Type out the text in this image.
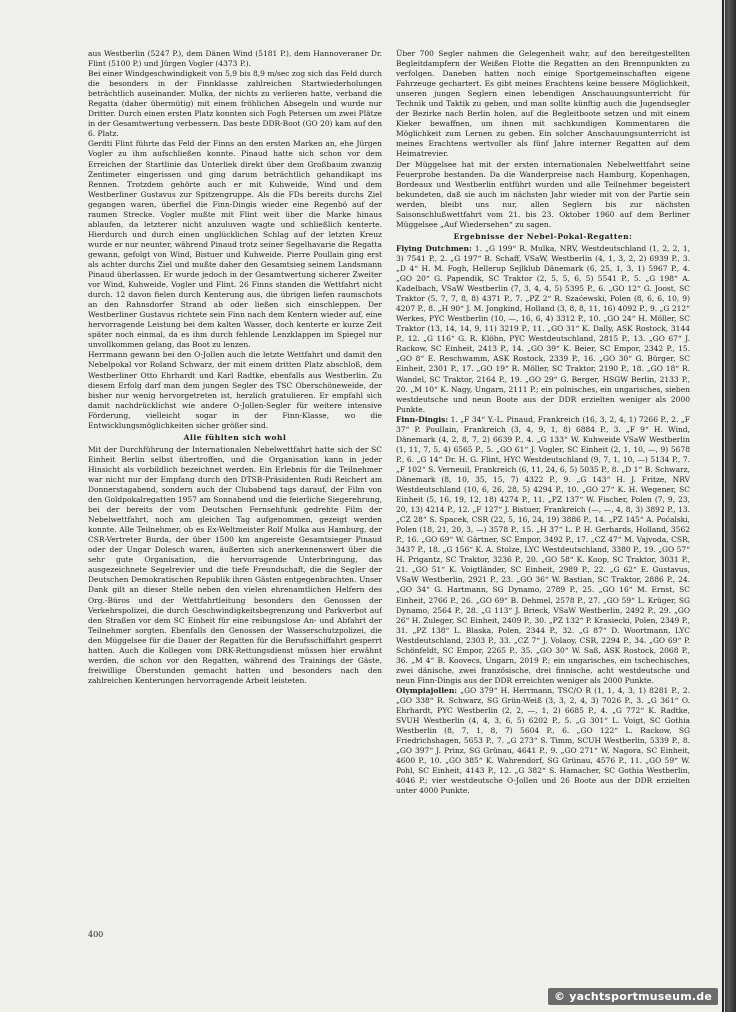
aus Westberlin (5247 P.), dem Dänen Wind (5181 P.), dem Hannoveraner Dr. Flint (5100 P.) und Jürgen Vogler (4373 P.).

Bei einer Windgeschwindigkeit von 5,9 bis 8,9 m/sec zog sich das Feld durch die besonders in der Finnklasse zahlreichen Startwiederholungen beträchtlich auseinander. Mulka, der nichts zu verlieren hatte, verband die Regatta (daher übermütig) mit einem fröhlichen Absegeln und wurde nur Dritter. Durch einen ersten Platz konnten sich Fogh Petersen um zwei Plätze in der Gesamtwertung verbessern. Das beste DDR-Boot (GO 20) kam auf den 6. Platz.

Gerdti Flint führte das Feld der Finns an den ersten Marken an, ehe Jürgen Vogler zu ihm aufschließen konnte. Pinaud hatte sich schon vor dem Erreichen der Startlinie das Unterliek direkt über dem Großbaum zwanzig Zentimeter eingerissen und ging darum beträchtlich gehandikapt ins Rennen. Trotzdem gehörte auch er mit Kuhweide, Wind und dem Westberliner Gustavus zur Spitzengruppe. Als die FDs bereits durchs Ziel gegangen waren, überfiel die Finn-Dingis wieder eine Regenbö auf der raumen Strecke. Vogler mußte mit Flint weit über die Marke hinaus ablaufen, da letzterer nicht anzuluven wagte und schließlich kenterte. Hierdurch und durch einen unglücklichen Schlag auf der letzten Kreuz wurde er nur neunter, während Pinaud trotz seiner Segelhavarie die Regatta gewann, gefolgt von Wind, Bistuer und Kuhweide. Pierre Poullain ging erst als achter durchs Ziel und mußte daher den Gesamtsieg seinem Landsmann Pinaud überlassen. Er wurde jedoch in der Gesamtwertung sicherer Zweiter vor Wind, Kuhweide, Vogler und Flint. 26 Finns standen die Wettfahrt nicht durch. 12 davon fielen durch Kenterung aus, die übrigen liefen raumschots an den Rahnsdorfer Strand ab oder ließen sich einschleppen. Der Westberliner Gustavus richtete sein Finn nach dem Kentern wieder auf, eine hervorragende Leistung bei dem kalten Wasser, doch kenterte er kurze Zeit später noch einmal, da es ihm durch fehlende Lenzklappen im Spiegel nur unvollkommen gelang, das Boot zu lenzen.

Herrmann gewann bei den O-Jollen auch die letzte Wettfahrt und damit den Nebelpokal vor Roland Schwarz, der mit einem dritten Platz abschloß, dem Westberliner Otto Ehrhardt und Karl Radtke, ebenfalls aus Westberlin. Zu diesem Erfolg darf man dem jungen Segler des TSC Oberschöneweide, der bisher nur wenig hervorgetreten ist, herzlich gratulieren. Er empfahl sich damit nachdrücklichst wie andere O-Jollen-Segler für weitere intensive Förderung, vielleicht sogar in der Finn-Klasse, wo die Entwicklungsmöglichkeiten sicher größer sind.

Alle fühlten sich wohl

Mit der Durchführung der Internationalen Nebelwettfahrt hatte sich der SC Einheit Berlin selbst übertroffen, und die Organisation kann in jeder Hinsicht als vorbildlich bezeichnet werden. Ein Erlebnis für die Teilnehmer war nicht nur der Empfang durch den DTSB-Präsidenten Rudi Reichert am Donnerstagabend, sondern auch der Clubabend tags darauf, der Film von den Goldpokalregatten 1957 am Sonnabend und die feierliche Siegerehrung, bei der bereits der vom Deutschen Fernsehfunk gedrehte Film der Nebelwettfahrt, noch am gleichen Tag aufgenommen, gezeigt werden konnte. Alle Teilnehmer, ob es Ex-Weltmeister Rolf Mulka aus Hamburg, der CSR-Vertreter Burda, der über 1500 km angereiste Gesamtsieger Pinaud oder der Ungar Dolesch waren, äußerten sich anerkennenswert über die sehr gute Organisation, die hervorragende Unterbringung, das ausgezeichnete Segelrevier und die tiefe Freundschaft, die die Segler der Deutschen Demokratischen Republik ihren Gästen entgegenbrachten. Unser Dank gilt an dieser Stelle neben den vielen ehrenamtlichen Helfern des Org.-Büros und der Wettfahrtleitung besonders den Genossen der Verkehrspolizei, die durch Geschwindigkeitsbegrenzung und Parkverbot auf den Straßen vor dem SC Einheit für eine reibungslose An- und Abfahrt der Teilnehmer sorgten. Ebenfalls den Genossen der Wasserschutzpolizei, die den Müggelsee für die Dauer der Regatten für die Berufsschiffahrt gesperrt hatten. Auch die Kollegen vom DRK-Rettungsdienst müssen hier erwähnt werden, die schon vor den Regatten, während des Trainings der Gäste, freiwillige Überstunden gemacht hatten und besonders nach den zahlreichen Kenterungen hervorragende Arbeit leisteten.

Über 700 Segler nahmen die Gelegenheit wahr, auf den bereitgestellten Begleitdampfern der Weißen Flotte die Regatten an den Brennpunkten zu verfolgen. Daneben hatten noch einige Sportgemeinschaften eigene Fahrzeuge gechartert. Es gibt meines Erachtens keine bessere Möglichkeit, unseren jungen Seglern einen lebendigen Anschauungsunterricht für Technik und Taktik zu geben, und man sollte künftig auch die Jugendsegler der Bezirke nach Berlin holen, auf die Begleitboote setzen und mit einem Kieker bewaffnen, um ihnen mit sachkundigen Kommentaren die Möglichkeit zum Lernen zu geben. Ein solcher Anschauungsunterricht ist meines Erachtens wertvoller als fünf Jahre interner Regatten auf dem Heimatrevier.

Der Müggelsee hat mit der ersten internationalen Nebelwettfahrt seine Feuerprobe bestanden. Da die Wanderpreise nach Hamburg, Kopenhagen, Bordeaux und Westberlin entführt wurden und alle Teilnehmer begeistert bekundeten, daß sie auch im nächsten Jahr wieder mit von der Partie sein werden, bleibt uns nur, allen Seglern bis zur nächsten Saisonschlußwettfahrt vom 21. bis 23. Oktober 1960 auf dem Berliner Müggelsee „Auf Wiedersehen“ zu sagen.

Ergebnisse der Nebel-Pokal-Regatten:

Flying Dutchmen: 1. „G 199“ R. Mulka, NRV, Westdeutschland (1, 2, 2, 1, 3) 7541 P., 2. „G 197“ B. Schaff, VSaW, Westberlin (4, 1, 3, 2, 2) 6939 P., 3. „D 4“ H. M. Fogh, Hellerup Sejlklub Dänemark (6, 25, 1, 3, 1) 5967 P., 4. „GO 20“ G. Papendik, SC Traktor (2, 5, 5, 6, 5) 5541 P., 5. „G 198“ A. Kadelbach, VSaW Westberlin (7, 3, 4, 4, 5) 5395 P., 6. „GO 12“ G. Joost, SC Traktor (5, 7, 7, 8, 8) 4371 P., 7. „PZ 2“ R. Szaćewski, Polen (8, 6, 6, 10, 9) 4207 P., 8. „H 90“ J. M. Jongkind, Holland (3, 8, 8, 11, 16) 4092 P., 9. „G 212“ Werkes, PYC Westberlin (10, —, 16, 6, 4) 3312 P., 10. „GO 24“ H. Möller, SC Traktor (13, 14, 14, 9, 11) 3219 P., 11. „GO 31“ K. Dally, ASK Rostock, 3144 P., 12. „G 116“ G. R. Klöhn, PYC Westdeutschland, 2815 P., 13. „GO 67“ J. Rackow, SC Einheit, 2413 P., 14. „GO 39“ K. Beier, SC Empor, 2342 P., 15. „GO 8“ E. Reschwamm, ASK Rostock, 2339 P., 16. „GO 30“ G. Bürger, SC Einheit, 2301 P., 17. „GO 19“ R. Möller, SC Traktor, 2190 P., 18. „GO 18“ R. Wandel, SC Traktor, 2164 P., 19. „GO 29“ G. Berger, HSGW Berlin, 2133 P., 20. „M 10“ K. Nagy, Ungarn, 2111 P.; ein polnisches, ein ungarisches, sieben westdeutsche und neun Boote aus der DDR erzielten weniger als 2000 Punkte.

Finn-Dingis: 1. „F 34“ Y.-L. Pinaud, Frankreich (16, 3, 2, 4, 1) 7266 P., 2. „F 37“ P. Poullain, Frankreich (3, 4, 9, 1, 8) 6884 P., 3. „F 9“ H. Wind, Dänemark (4, 2, 8, 7, 2) 6639 P., 4. „G 133“ W. Kuhweide VSaW Westberlin (1, 11, 7, 5, 4) 6565 P., 5. „GO 61“ J. Vogler, SC Einheit (2, 1, 10, —, 9) 5678 P., 6. „G 14“ Dr. H. G. Flint, HYC Westdeutschland (9, 7, 1, 10, —) 5134 P., 7. „F 102“ S. Verneuil, Frankreich (6, 11, 24, 6, 5) 5035 P., 8. „D 1“ B. Schwarz, Dänemark (8, 10, 35, 15, 7) 4322 P., 9. „G 143“ H. J. Fritze, NRV Westdeutschland (10, 6, 26, 28, 5) 4294 P., 10. „GO 27“ K. H. Wegener, SC Einheit (5, 16, 19, 12, 18) 4274 P., 11. „PZ 137“ W. Fischer, Polen (7, 9, 23, 20, 13) 4214 P., 12. „F 127“ J. Bistuer, Frankreich (—, —, 4, 8, 3) 3892 P., 13. „CZ 28“ S. Spacek, CSR (22, 5, 16, 24, 19) 3886 P., 14. „PZ 145“ A. Poćalski, Polen (18, 21, 20, 3, —) 3578 P., 15. „H 37“ L. P. H. Gerhards, Holland, 3562 P., 16. „GO 69“ W. Gärtner, SC Empor, 3492 P., 17. „CZ 47“ M. Vajvoda, CSR, 3437 P., 18. „G 156“ K. A. Stolze, LYC Westdeutschland, 3380 P., 19. „GO 57“ H. Prigantz, SC Traktor, 3236 P., 20. „GO 58“ K. Koop, SC Traktor, 3031 P., 21. „GO 51“ K. Voigtländer, SC Einheit, 2989 P., 22. „G 62“ E. Gustavus, VSaW Westberlin, 2921 P., 23. „GO 36“ W. Bastian, SC Traktor, 2886 P., 24. „GO 34“ G. Hartmann, SG Dynamo, 2789 P., 25. „GO 16“ M. Ernst, SC Einheit, 2766 P., 26. „GO 69“ B. Dehmel, 2578 P., 27. „GO 59“ L. Krüger, SG Dynamo, 2564 P., 28. „G 113“ J. Brieck, VSaW Westberlin, 2492 P., 29. „GO 26“ H. Zuleger, SC Einheit, 2409 P., 30. „PZ 132“ P. Krasiecki, Polen, 2349 P., 31. „PZ 138“ L. Blaska, Polen, 2344 P., 32. „G 87“ D. Woortmann, LYC Westdeutschland, 2303 P., 33. „CZ 7“ J. Volaoy, CSR, 2294 P., 34. „GO 69“ P. Schönfeldt, SC Empor, 2265 P., 35. „GO 30“ W. Saß, ASK Rostock, 2068 P., 36. „M 4“ B. Koovecs, Ungarn, 2019 P.; ein ungarisches, ein tschechisches, zwei dänische, zwei französische, drei finnische, acht westdeutsche und neun Finn-Dingis aus der DDR erreichten weniger als 2000 Punkte.

Olympiajollen: „GO 379“ H. Herrmann, TSC/O R (1, 1, 4, 3, 1) 8281 P., 2. „GO 338“ R. Schwarz, SG Grün-Weiß (3, 3, 2, 4, 3) 7026 P., 3. „G 361“ O. Ehrhardt, PYC Westberlin (2, 2, —, 1, 2) 6685 P., 4. „G 772“ K. Radtke, SVUH Westberlin (4, 4, 3, 6, 5) 6202 P., 5. „G 301“ L. Voigt, SC Gothia Westberlin (8, 7, 1, 8, 7) 5604 P., 6. „GO 122“ L. Rackow, SG Friedrichshagen, 5653 P., 7. „G 273“ S. Timm, SCUH Westberlin, 5339 P., 8. „GO 397“ J. Prinz, SG Grünau, 4641 P., 9. „GO 271“ W. Nagora, SC Einheit, 4600 P., 10. „GO 385“ K. Wahrendorf, SG Grünau, 4576 P., 11. „GO 59“ W. Pohl, SC Einheit, 4143 P., 12. „G 382“ S. Hamacher, SC Gothia Westberlin, 4046 P.; vier westdeutsche O-Jollen und 26 Boote aus der DDR erzielten unter 4000 Punkte.

400
© yachtsportmuseum.de
